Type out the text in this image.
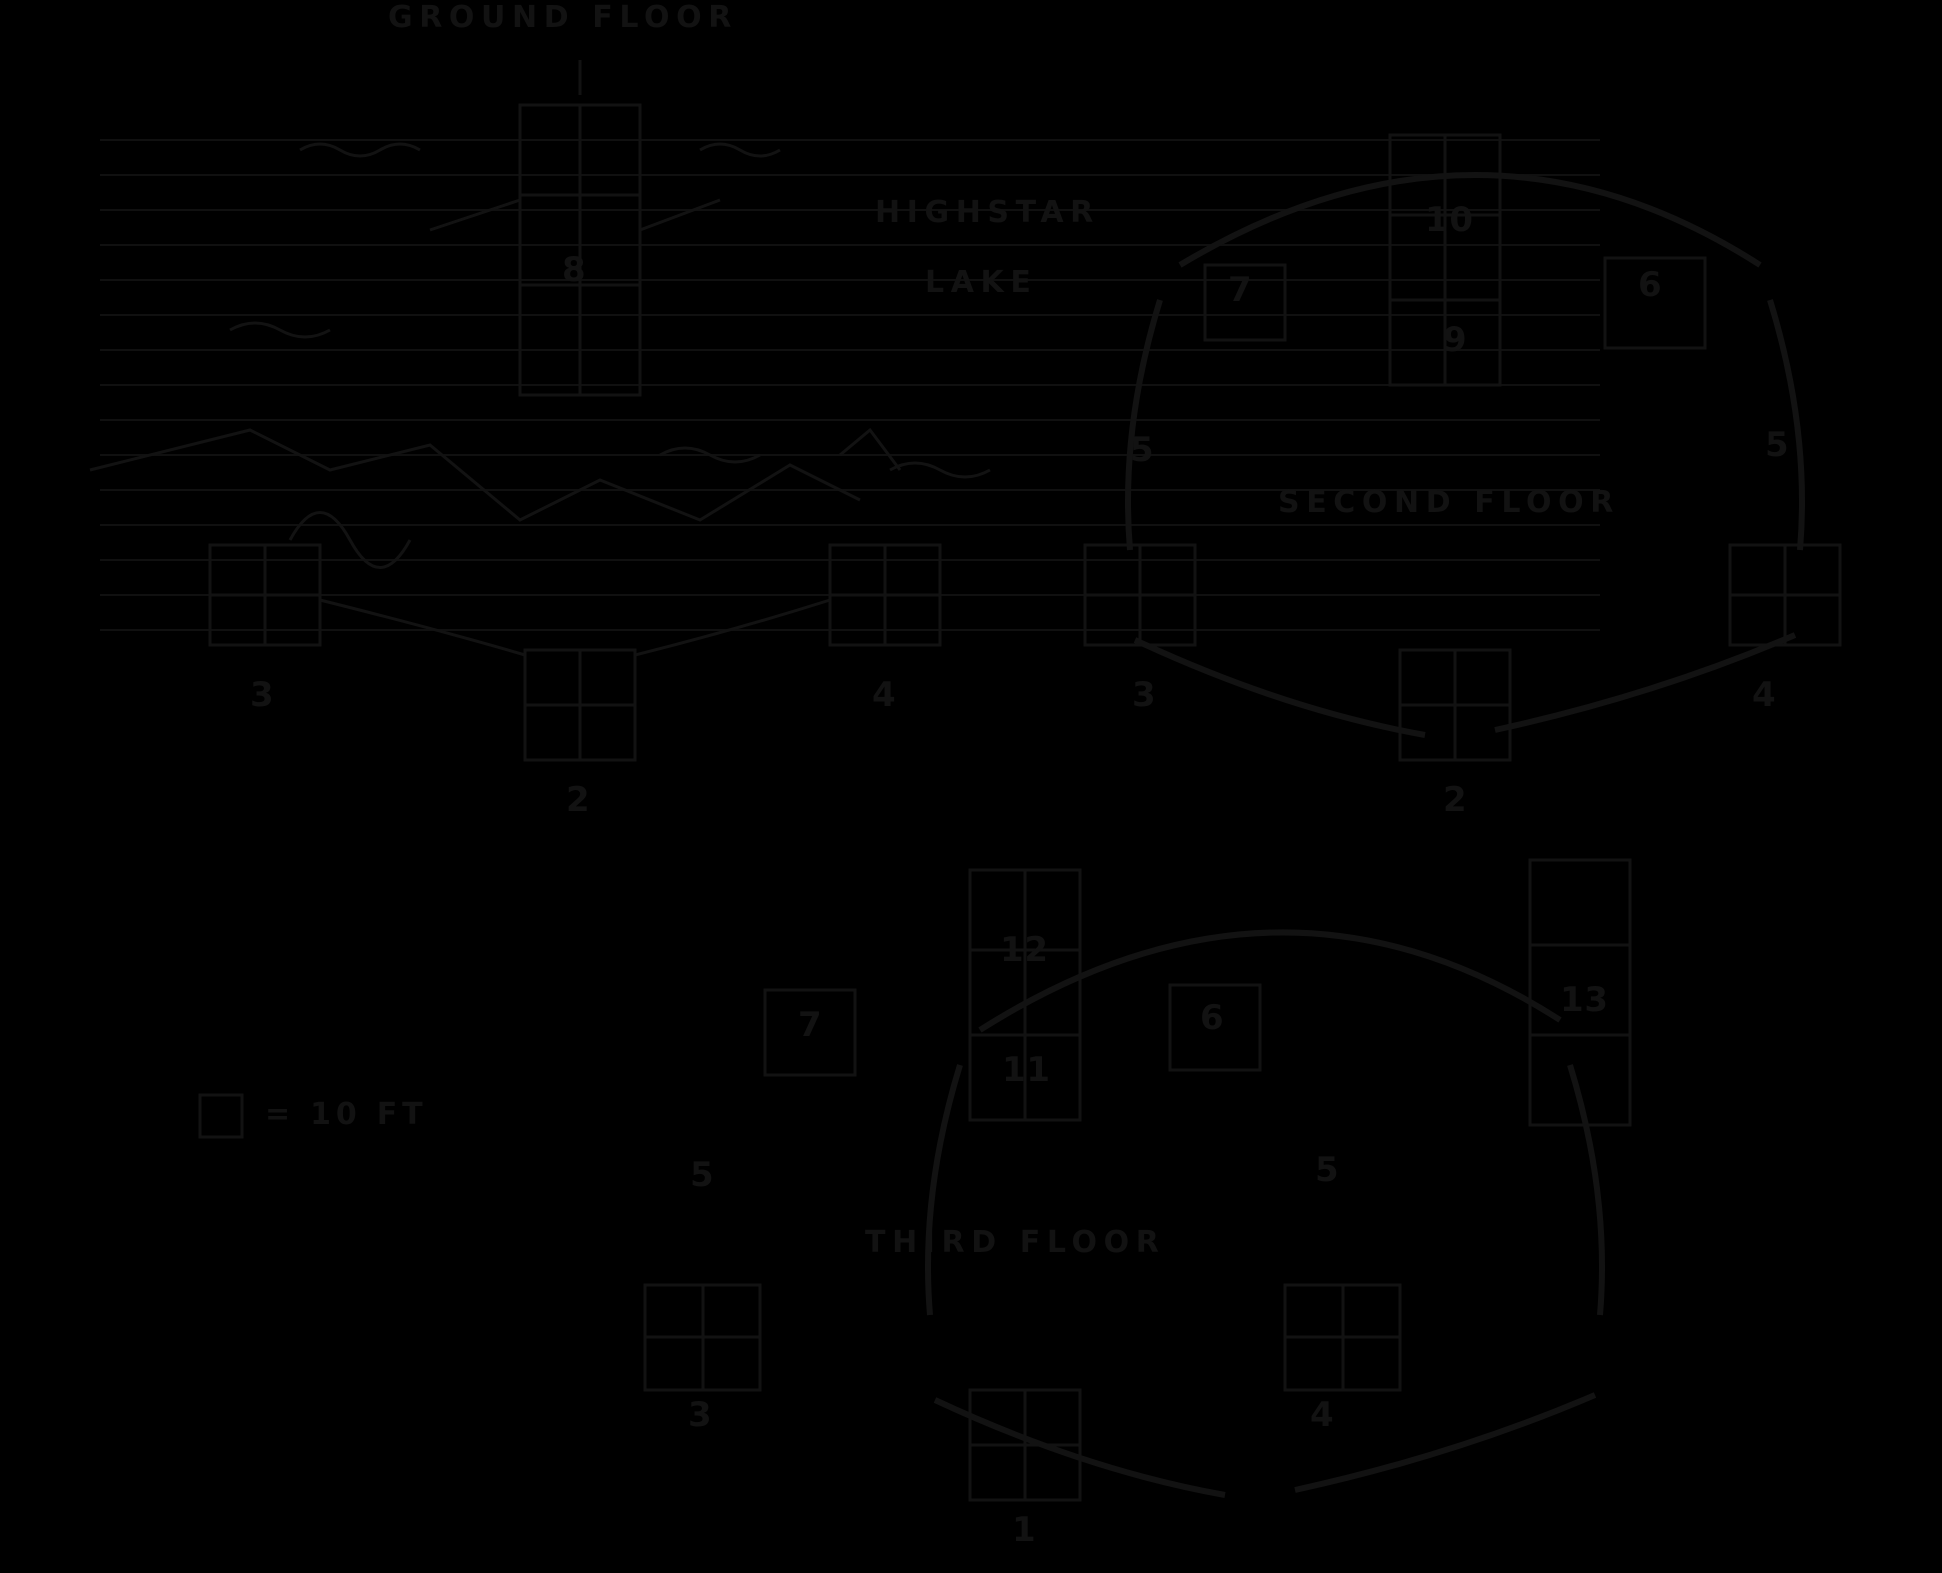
GROUND FLOOR
HIGHSTAR
LAKE
SECOND FLOOR
THIRD FLOOR
8
3	4
2
10
9
7	6
5	5
3	4
2
12
11
7	6
5	5
3	4
1
13
= 10 FT
